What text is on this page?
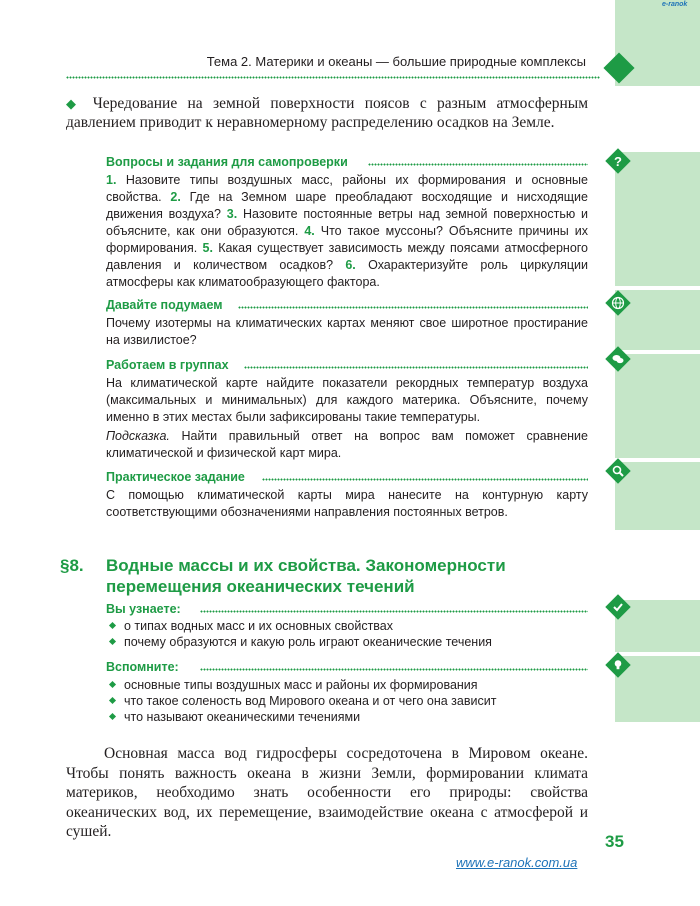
e-ranok
Тема 2. Материки и океаны — большие природные комплексы
?
◆ Чередование на земной поверхности поясов с разным атмосферным давлением приводит к неравномерному распределению осадков на Земле.
Вопросы и задания для самопроверки
1. Назовите типы воздушных масс, районы их формирования и основные свойства. 2. Где на Земном шаре преобладают восходящие и нисходящие движения воздуха? 3. Назовите постоянные ветры над земной поверхностью и объясните, как они образуются. 4. Что такое муссоны? Объясните причины их формирования. 5. Какая существует зависимость между поясами атмосферного давления и количеством осадков? 6. Охарактеризуйте роль циркуляции атмосферы как климатообразующего фактора.
Давайте подумаем
Почему изотермы на климатических картах меняют свое широтное простирание на извилистое?
Работаем в группах
На климатической карте найдите показатели рекордных температур воздуха (максимальных и минимальных) для каждого материка. Объясните, почему именно в этих местах были зафиксированы такие температуры.
Подсказка. Найти правильный ответ на вопрос вам поможет сравнение климатической и физической карт мира.
Практическое задание
С помощью климатической карты мира нанесите на контурную карту соответствующими обозначениями направления постоянных ветров.
§8. Водные массы и их свойства. Закономерности
перемещения океанических течений
Вы узнаете:
о типах водных масс и их основных свойствах
почему образуются и какую роль играют океанические течения
Вспомните:
основные типы воздушных масс и районы их формирования
что такое соленость вод Мирового океана и от чего она зависит
что называют океаническими течениями
Основная масса вод гидросферы сосредоточена в Мировом океане. Чтобы понять важность океана в жизни Земли, формировании климата материков, необходимо знать особенности его природы: свойства океанических вод, их перемещение, взаимодействие океана с атмосферой и сушей.
35
www.e-ranok.com.ua
